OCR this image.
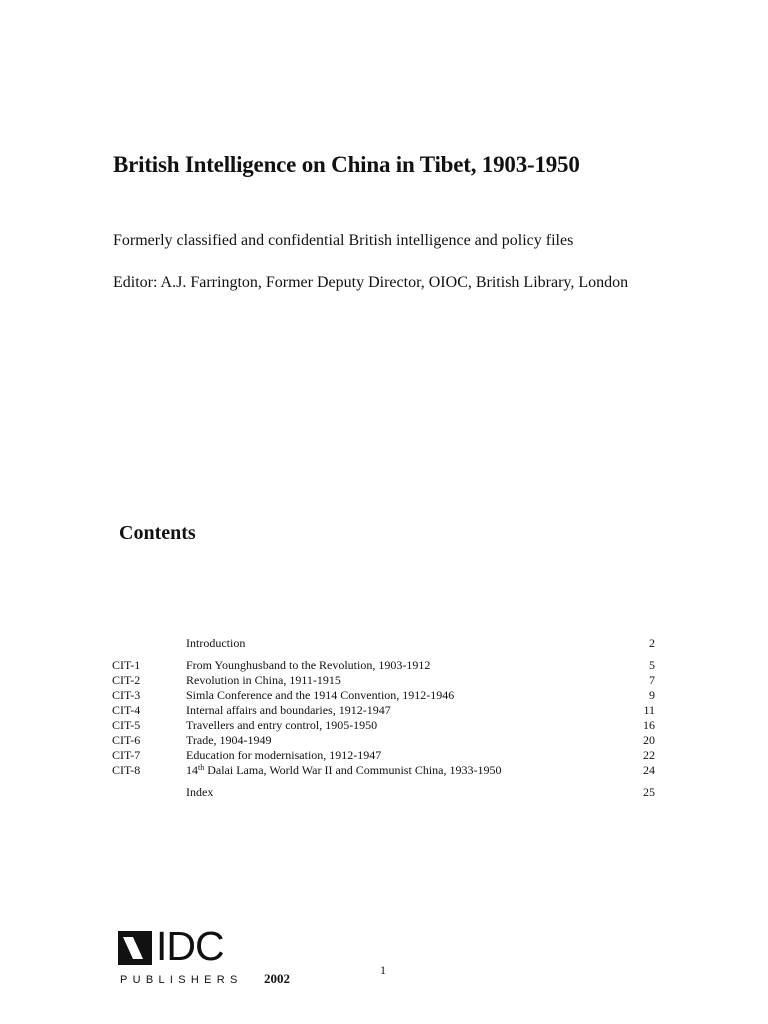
British Intelligence on China in Tibet, 1903-1950

Formerly classified and confidential British intelligence and policy files

Editor: A.J. Farrington, Former Deputy Director, OIOC, British Library, London

Contents
Introduction	2
CIT-1	From Younghusband to the Revolution, 1903-1912	5
CIT-2	Revolution in China, 1911-1915	7
CIT-3	Simla Conference and the 1914 Convention, 1912-1946	9
CIT-4	Internal affairs and boundaries, 1912-1947	11
CIT-5	Travellers and entry control, 1905-1950	16
CIT-6	Trade, 1904-1949	20
CIT-7	Education for modernisation, 1912-1947	22
CIT-8	14th Dalai Lama, World War II and Communist China, 1933-1950	24
Index	25
IDC
PUBLISHERS 2002
1
